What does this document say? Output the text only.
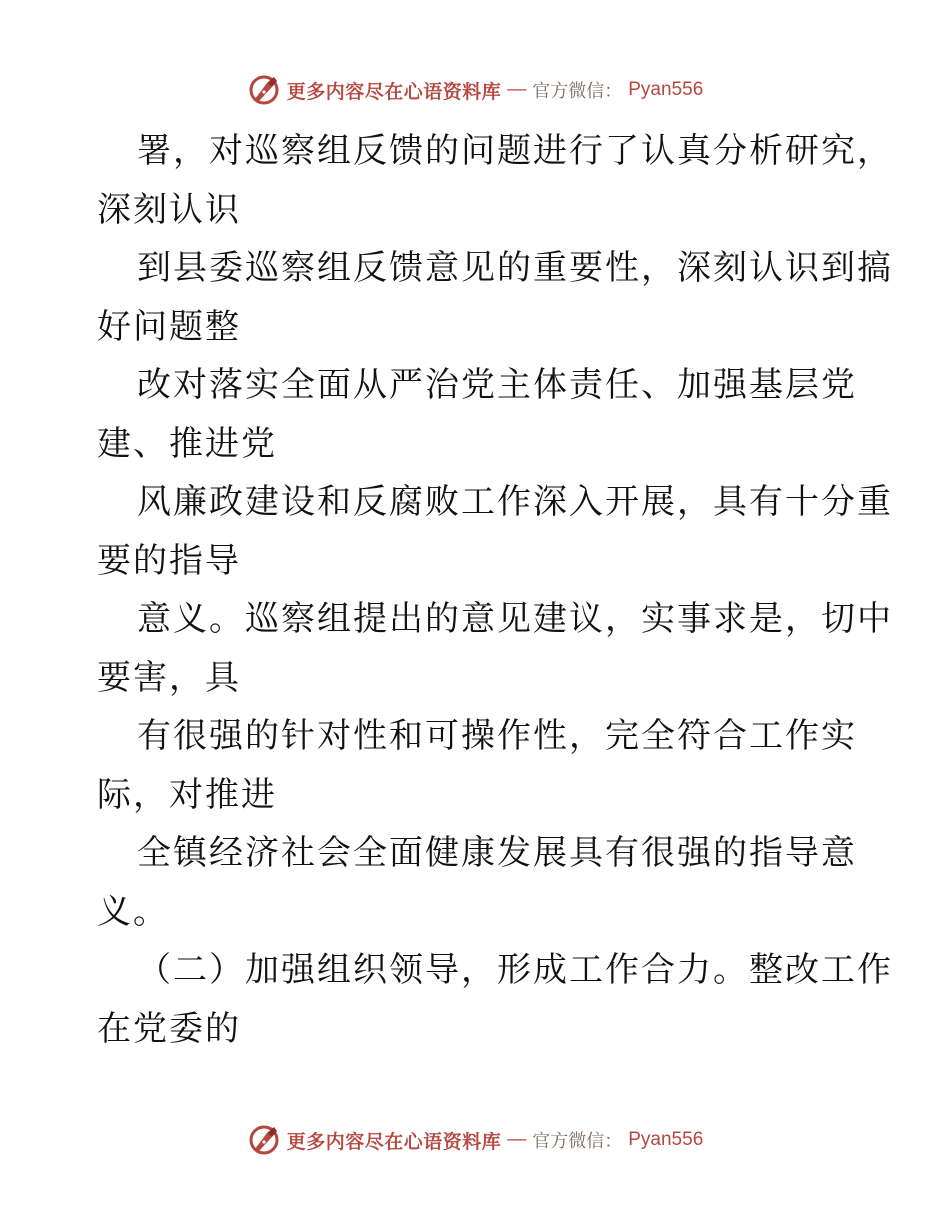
更多内容尽在心语资料库 — 官方微信： Pyan556
署，对巡察组反馈的问题进行了认真分析研究，
深刻认识
到县委巡察组反馈意见的重要性，深刻认识到搞
好问题整
改对落实全面从严治党主体责任、加强基层党
建、推进党
风廉政建设和反腐败工作深入开展，具有十分重
要的指导
意义。巡察组提出的意见建议，实事求是，切中
要害，具
有很强的针对性和可操作性，完全符合工作实
际，对推进
全镇经济社会全面健康发展具有很强的指导意
义。
（二）加强组织领导，形成工作合力。整改工作
在党委的
更多内容尽在心语资料库 — 官方微信： Pyan556
